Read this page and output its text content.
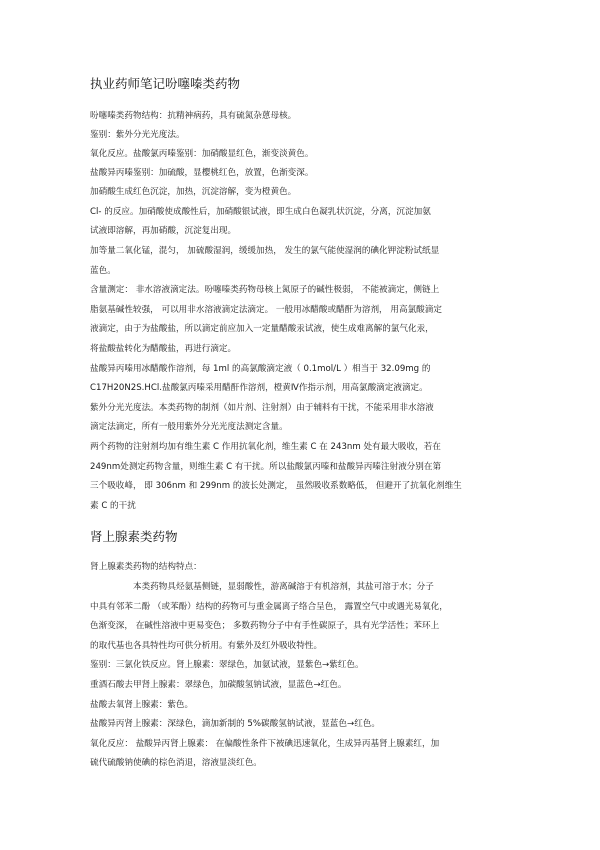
执业药师笔记吩噻嗪类药物

吩噻嗪类药物结构：抗精神病药，具有硫氮杂蒽母核。

鉴别：紫外分光光度法。

氧化反应。盐酸氯丙嗪鉴别：加硝酸显红色，渐变淡黄色。

盐酸异丙嗪鉴别：加硫酸，显樱桃红色，放置，色渐变深。

加硝酸生成红色沉淀，加热，沉淀溶解，变为橙黄色。

Cl- 的反应。加硝酸使成酸性后，加硝酸银试液，即生成白色凝乳状沉淀，分离，沉淀加氨

试液即溶解，再加硝酸，沉淀复出现。

加等量二氧化锰，混匀， 加硫酸湿润，缓缓加热， 发生的氯气能使湿润的碘化钾淀粉试纸显

蓝色。

含量测定： 非水溶液滴定法。吩噻嗪类药物母核上氮原子的碱性极弱， 不能被滴定，侧链上

脂氨基碱性较强， 可以用非水溶液滴定法滴定。 一般用冰醋酸或醋酐为溶剂， 用高氯酸滴定

液滴定，由于为盐酸盐，所以滴定前应加入一定量醋酸汞试液，使生成难离解的氯气化汞，

将盐酸盐转化为醋酸盐，再进行滴定。

盐酸异丙嗪用冰醋酸作溶剂，每 1ml 的高氯酸滴定液（ 0.1mol/L ）相当于 32.09mg 的

C17H20N2S.HCl.盐酸氯丙嗪采用醋酐作溶剂，橙黄Ⅳ作指示剂，用高氯酸滴定液滴定。

紫外分光光度法。本类药物的制剂（如片剂、注射剂）由于辅料有干扰，不能采用非水溶液

滴定法滴定，所有一般用紫外分光光度法测定含量。

两个药物的注射剂均加有维生素 C 作用抗氧化剂，维生素 C 在 243nm 处有最大吸收，若在

249nm处测定药物含量，则维生素 C 有干扰。所以盐酸氯丙嗪和盐酸异丙嗪注射液分别在第

三个吸收峰， 即 306nm 和 299nm 的波长处测定， 虽然吸收系数略低， 但避开了抗氧化剂维生

素 C 的干扰

肾上腺素类药物

肾上腺素类药物的结构特点：

本类药物具烃氨基侧链，显弱酸性，游离碱溶于有机溶剂，其盐可溶于水；分子

中具有邻苯二酚 （或苯酚）结构的药物可与重金属离子络合呈色， 露置空气中或遇光易氧化，

色渐变深， 在碱性溶液中更易变色； 多数药物分子中有手性碳原子，具有光学活性；苯环上

的取代基也各具特性均可供分析用。有紫外及红外吸收特性。

鉴别：三氯化铁反应。肾上腺素：翠绿色，加氨试液，显紫色→紫红色。

重酒石酸去甲肾上腺素：翠绿色，加碳酸氢钠试液，显蓝色→红色。

盐酸去氧肾上腺素：紫色。

盐酸异丙肾上腺素：深绿色，滴加新制的 5%碳酸氢钠试液，显蓝色→红色。

氧化反应： 盐酸异丙肾上腺素： 在偏酸性条件下被碘迅速氧化，生成异丙基肾上腺素红，加

硫代硫酸钠使碘的棕色消退，溶液显淡红色。
